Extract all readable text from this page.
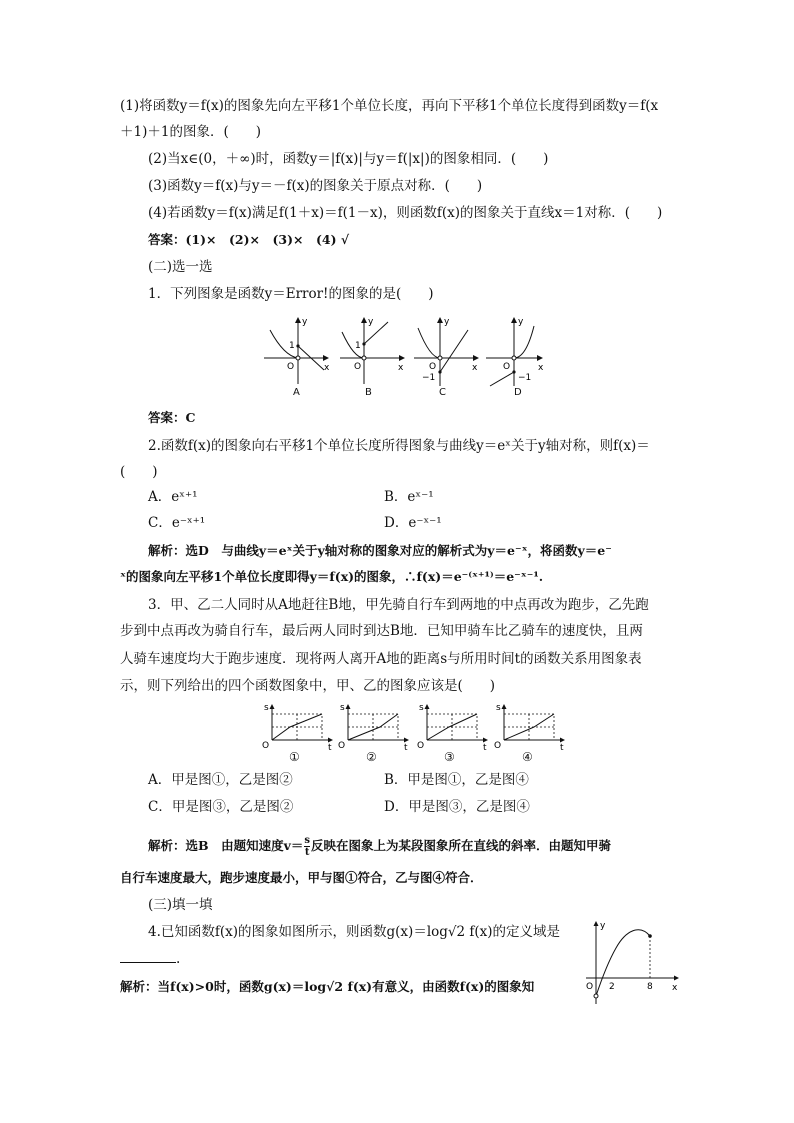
(1)将函数y＝f(x)的图象先向左平移1个单位长度，再向下平移1个单位长度得到函数y＝f(x
＋1)＋1的图象．(　　)
(2)当x∈(0，＋∞)时，函数y＝|f(x)|与y＝f(|x|)的图象相同．(　　)
(3)函数y＝f(x)与y＝－f(x)的图象关于原点对称．(　　)
(4)若函数y＝f(x)满足f(1＋x)＝f(1－x)，则函数f(x)的图象关于直线x＝1对称．(　　)
答案：(1)×　(2)×　(3)×　(4) √
(二)选一选
1．下列图象是函数y＝Error!的图象的是(　　)
y
x
O
1
y
x
O
1
y
x
O
−1
y
x
O
−1
A	B	C	D
答案：C
2.函数f(x)的图象向右平移1个单位长度所得图象与曲线y＝eˣ关于y轴对称，则f(x)＝
(　　)
A．eˣ⁺¹	B．eˣ⁻¹
C．e⁻ˣ⁺¹	D．e⁻ˣ⁻¹
解析：选D　与曲线y＝eˣ关于y轴对称的图象对应的解析式为y＝e⁻ˣ，将函数y＝e⁻
ˣ的图象向左平移1个单位长度即得y＝f(x)的图象，∴f(x)＝e⁻⁽ˣ⁺¹⁾＝e⁻ˣ⁻¹.
3．甲、乙二人同时从A地赶往B地，甲先骑自行车到两地的中点再改为跑步，乙先跑
步到中点再改为骑自行车，最后两人同时到达B地．已知甲骑车比乙骑车的速度快，且两
人骑车速度均大于跑步速度．现将两人离开A地的距离s与所用时间t的函数关系用图象表
示，则下列给出的四个函数图象中，甲、乙的图象应该是(　　)
s
t
O
s
t
O
s
t
O
s
t
O
①	②	③	④
A．甲是图①，乙是图②	B．甲是图①，乙是图④
C．甲是图③，乙是图②	D．甲是图③，乙是图④
解析：选B　由题知速度$v= \frac{s}{t}$ 反映在图象上为某段图象所在直线的斜率．由题知甲骑
自行车速度最大，跑步速度最小，甲与图①符合，乙与图④符合．
(三)填一填
4.已知函数f(x)的图象如图所示，则函数g(x)＝log√2 f(x)的定义域是
.
解析：当f(x)>0时，函数g(x)＝log√2 f(x)有意义，由函数f(x)的图象知
y
x
O 2	8
